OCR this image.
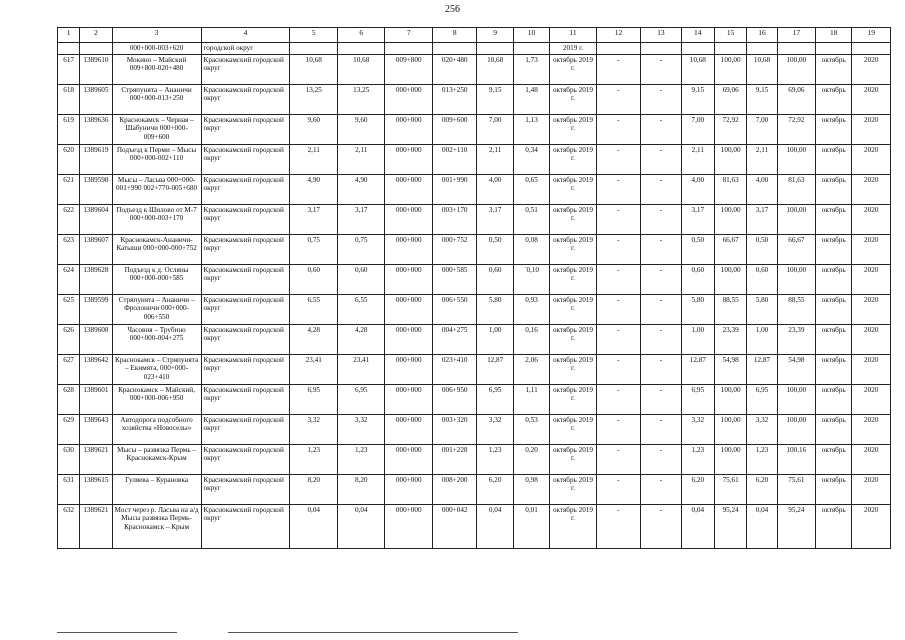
256
1	2	3	4	5	6	7	8	9	10	11	12	13	14	15	16	17	18	19
		000+000-003+620	городской округ							2019 г.								
617	1389610	Мокино – Майский 009+800-020+480	Краснокамский городской округ	10,68	10,68	009+800	020+480	10,68	1,73	октябрь 2019 г.	-	-	10,68	100,00	10,68	100,00	октябрь	2020
618	1389605	Стряпунята – Ананичи 000+000-013+250	Краснокамский городской округ	13,25	13,25	000+000	013+250	9,15	1,48	октябрь 2019 г.	-	-	9,15	69,06	9,15	69,06	октябрь	2020
619	1389636	Краснокамск – Черная – Шабуничи 000+000-009+600	Краснокамский городской округ	9,60	9,60	000+000	009+600	7,00	1,13	октябрь 2019 г.	-	-	7,00	72,92	7,00	72,92	октябрь	2020
620	1389619	Подъезд к Перми – Мысы 000+000-002+110	Краснокамский городской округ	2,11	2,11	000+000	002+110	2,11	0,34	октябрь 2019 г.	-	-	2,11	100,00	2,11	100,00	октябрь	2020
621	1389598	Мысы – Ласьва 000+000-001+990 002+770-005+680	Краснокамский городской округ	4,90	4,90	000+000	001+990	4,00	0,65	октябрь 2019 г.	-	-	4,00	81,63	4,00	81,63	октябрь	2020
622	1389604	Подъезд к Шилово от М-7 000+000-003+170	Краснокамский городской округ	3,17	3,17	000+000	003+170	3,17	0,51	октябрь 2019 г.	-	-	3,17	100,00	3,17	100,00	октябрь	2020
623	1389607	Краснокамск-Ананичи-Катыши 000+000-000+752	Краснокамский городской округ	0,75	0,75	000+000	000+752	0,50	0,08	октябрь 2019 г.	-	-	0,50	66,67	0,50	66,67	октябрь	2020
624	1389628	Подъезд к д. Осляны 000+000-000+585	Краснокамский городской округ	0,60	0,60	000+000	000+585	0,60	`0,10	октябрь 2019 г.	-	-	0,60	100,00	0,60	100,00	октябрь	2020
625	1389599	Стряпунята – Ананичи – Фролоничи 000+000-006+550	Краснокамский городской округ	6,55	6,55	000+000	006+550	5,80	0,93	октябрь 2019 г.	-	-	5,80	88,55	5,80	88,55	октябрь	2020
626	1389608	Часовня – Трубино 000+000-004+275	Краснокамский городской округ	4,28	4,28	000+000	004+275	1,00	0,16	октябрь 2019 г.	-	-	1,00	23,39	1,00	23,39	октябрь	2020
627	1389642	Краснокамск – Стряпунята – Екимята, 000+000-023+410	Краснокамский городской округ	23,41	23,41	000+000	023+410	12,87	2,06	октябрь 2019 г.	-	-	12,87	54,98	12,87	54,98	октябрь	2020
628	1389601	Краснокамск – Майский, 000+000-006+950	Краснокамский городской округ	6,95	6,95	000+000	006+950	6,95	1,11	октябрь 2019 г.	-	-	6,95	100,00	6,95	100,00	октябрь	2020
629	1389643	Автодорога подсобного хозяйства «Новоселы»	Краснокамский городской округ	3,32	3,32	000+000	003+320	3,32	0,53	октябрь 2019 г.	-	-	3,32	100,00	3,32	100,00	октябрь	2020
630	1389621	Мысы – развязка Пермь – Краснокамск-Крым	Краснокамский городской округ	1,23	1,23	000+000	001+228	1,23	0,20	октябрь 2019 г.	-	-	1,23	100,00	1,23	100,16	октябрь	2020
631	1389615	Гуляева – Курановка	Краснокамский городской округ	8,20	8,20	000+000	008+200	6,20	0,98	октябрь 2019 г.	-	-	6,20	75,61	6,20	75,61	октябрь	2020
632	1389621	Мост через р. Ласьва на а/д Мысы развязка Пермь-Краснокамск – Крым	Краснокамский городской округ	0,04	0,04	000+000	000+042	0,04	0,01	октябрь 2019 г.	-	-	0,04	95,24	0,04	95,24	октябрь	2020
